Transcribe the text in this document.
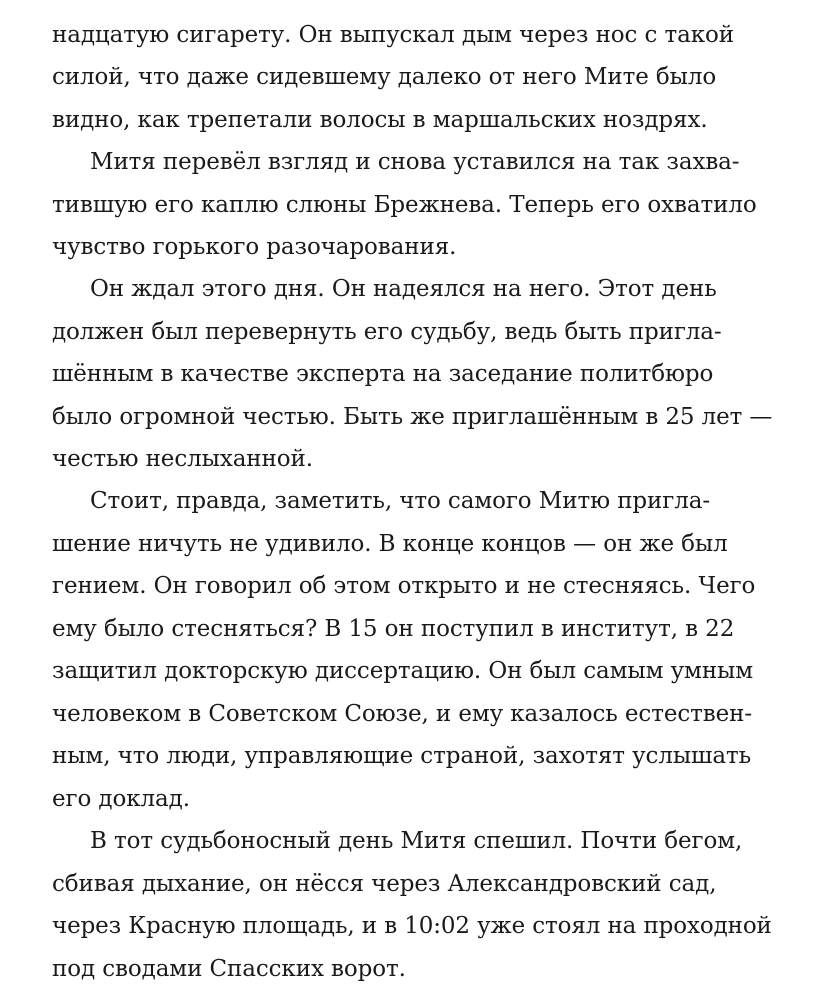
надцатую сигарету. Он выпускал дым через нос с такой
силой, что даже сидевшему далеко от него Мите было
видно, как трепетали волосы в маршальских ноздрях.
Митя перевёл взгляд и снова уставился на так захва-
тившую его каплю слюны Брежнева. Теперь его охватило
чувство горького разочарования.
Он ждал этого дня. Он надеялся на него. Этот день
должен был перевернуть его судьбу, ведь быть пригла-
шённым в качестве эксперта на заседание политбюро
было огромной честью. Быть же приглашённым в 25 лет —
честью неслыханной.
Стоит, правда, заметить, что самого Митю пригла-
шение ничуть не удивило. В конце концов — он же был
гением. Он говорил об этом открыто и не стесняясь. Чего
ему было стесняться? В 15 он поступил в институт, в 22
защитил докторскую диссертацию. Он был самым умным
человеком в Советском Союзе, и ему казалось естествен-
ным, что люди, управляющие страной, захотят услышать
его доклад.
В тот судьбоносный день Митя спешил. Почти бегом,
сбивая дыхание, он нёсся через Александровский сад,
через Красную площадь, и в 10:02 уже стоял на проходной
под сводами Спасских ворот.
